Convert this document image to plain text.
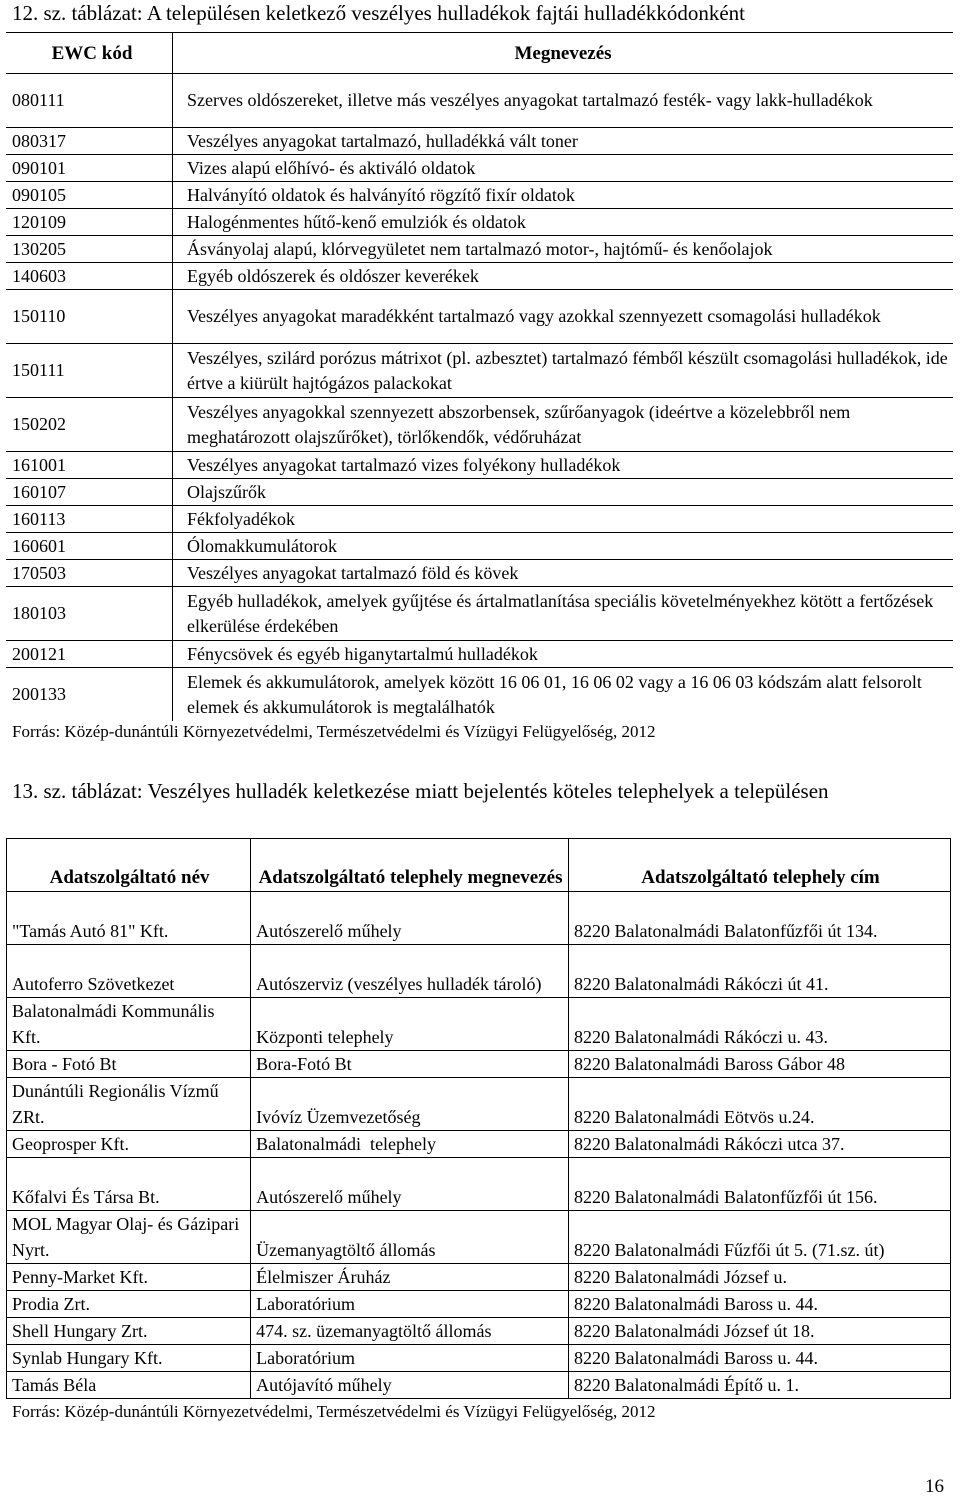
12. sz. táblázat: A településen keletkező veszélyes hulladékok fajtái hulladékkódonként

EWC kód	Megnevezés
080111	Szerves oldószereket, illetve más veszélyes anyagokat tartalmazó festék- vagy lakk-hulladékok
080317	Veszélyes anyagokat tartalmazó, hulladékká vált toner
090101	Vizes alapú előhívó- és aktiváló oldatok
090105	Halványító oldatok és halványító rögzítő fixír oldatok
120109	Halogénmentes hűtő-kenő emulziók és oldatok
130205	Ásványolaj alapú, klórvegyületet nem tartalmazó motor-, hajtómű- és kenőolajok
140603	Egyéb oldószerek és oldószer keverékek
150110	Veszélyes anyagokat maradékként tartalmazó vagy azokkal szennyezett csomagolási hulladékok
150111	Veszélyes, szilárd porózus mátrixot (pl. azbesztet) tartalmazó fémből készült csomagolási hulladékok, ide értve a kiürült hajtógázos palackokat
150202	Veszélyes anyagokkal szennyezett abszorbensek, szűrőanyagok (ideértve a közelebbről nem meghatározott olajszűrőket), törlőkendők, védőruházat
161001	Veszélyes anyagokat tartalmazó vizes folyékony hulladékok
160107	Olajszűrők
160113	Fékfolyadékok
160601	Ólomakkumulátorok
170503	Veszélyes anyagokat tartalmazó föld és kövek
180103	Egyéb hulladékok, amelyek gyűjtése és ártalmatlanítása speciális követelményekhez kötött a fertőzések elkerülése érdekében
200121	Fénycsövek és egyéb higanytartalmú hulladékok
200133	Elemek és akkumulátorok, amelyek között 16 06 01, 16 06 02 vagy a 16 06 03 kódszám alatt felsorolt elemek és akkumulátorok is megtalálhatók

Forrás: Közép-dunántúli Környezetvédelmi, Természetvédelmi és Vízügyi Felügyelőség, 2012

13. sz. táblázat: Veszélyes hulladék keletkezése miatt bejelentés köteles telephelyek a településen

Adatszolgáltató név	Adatszolgáltató telephely megnevezés	Adatszolgáltató telephely cím
"Tamás Autó 81" Kft.	Autószerelő műhely	8220 Balatonalmádi Balatonfűzfői út 134.
Autoferro Szövetkezet	Autószerviz (veszélyes hulladék tároló)	8220 Balatonalmádi Rákóczi út 41.
Balatonalmádi Kommunális Kft.	Központi telephely	8220 Balatonalmádi Rákóczi u. 43.
Bora - Fotó Bt	Bora-Fotó Bt	8220 Balatonalmádi Baross Gábor 48
Dunántúli Regionális Vízmű ZRt.	Ivóvíz Üzemvezetőség	8220 Balatonalmádi Eötvös u.24.
Geoprosper Kft.	Balatonalmádi  telephely	8220 Balatonalmádi Rákóczi utca 37.
Kőfalvi És Társa Bt.	Autószerelő műhely	8220 Balatonalmádi Balatonfűzfői út 156.
MOL Magyar Olaj- és Gázipari Nyrt.	Üzemanyagtöltő állomás	8220 Balatonalmádi Fűzfői út 5. (71.sz. út)
Penny-Market Kft.	Élelmiszer Áruház	8220 Balatonalmádi József u.
Prodia Zrt.	Laboratórium	8220 Balatonalmádi Baross u. 44.
Shell Hungary Zrt.	474. sz. üzemanyagtöltő állomás	8220 Balatonalmádi József út 18.
Synlab Hungary Kft.	Laboratórium	8220 Balatonalmádi Baross u. 44.
Tamás Béla	Autójavító műhely	8220 Balatonalmádi Építő u. 1.

Forrás: Közép-dunántúli Környezetvédelmi, Természetvédelmi és Vízügyi Felügyelőség, 2012

16
